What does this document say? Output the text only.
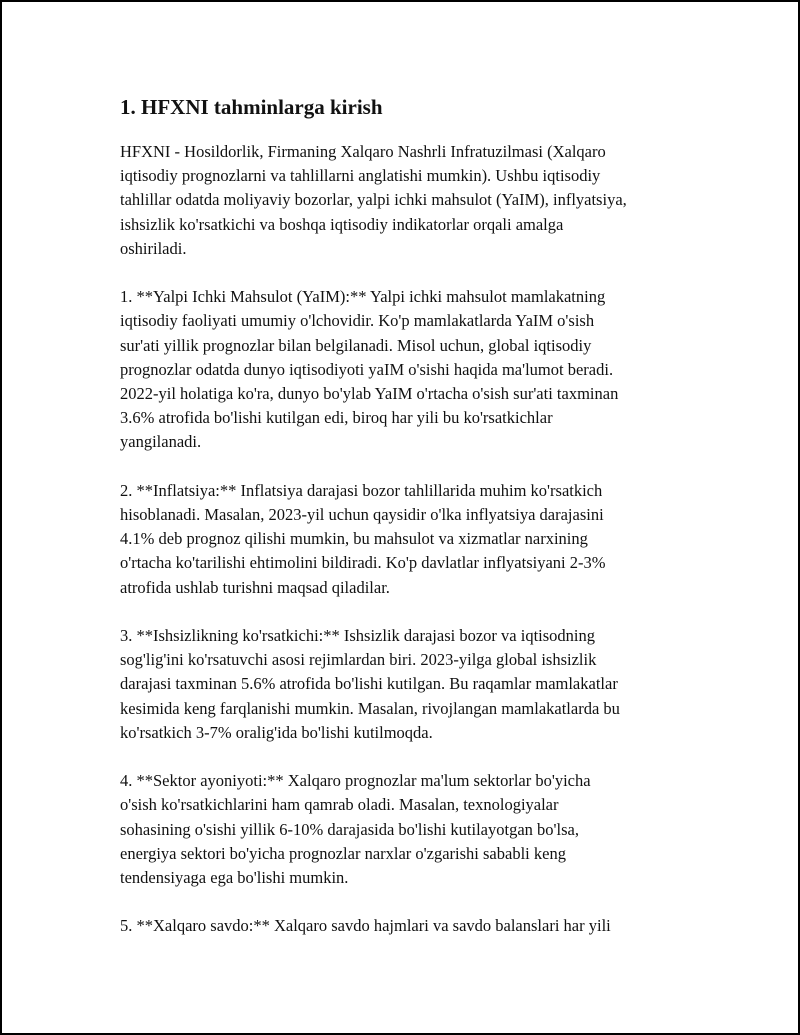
1. HFXNI tahminlarga kirish

HFXNI - Hosildorlik, Firmaning Xalqaro Nashrli Infratuzilmasi (Xalqaro
iqtisodiy prognozlarni va tahlillarni anglatishi mumkin). Ushbu iqtisodiy
tahlillar odatda moliyaviy bozorlar, yalpi ichki mahsulot (YaIM), inflyatsiya,
ishsizlik ko'rsatkichi va boshqa iqtisodiy indikatorlar orqali amalga
oshiriladi.

1. **Yalpi Ichki Mahsulot (YaIM):** Yalpi ichki mahsulot mamlakatning
iqtisodiy faoliyati umumiy o'lchovidir. Ko'p mamlakatlarda YaIM o'sish
sur'ati yillik prognozlar bilan belgilanadi. Misol uchun, global iqtisodiy
prognozlar odatda dunyo iqtisodiyoti yaIM o'sishi haqida ma'lumot beradi.
2022-yil holatiga ko'ra, dunyo bo'ylab YaIM o'rtacha o'sish sur'ati taxminan
3.6% atrofida bo'lishi kutilgan edi, biroq har yili bu ko'rsatkichlar
yangilanadi.

2. **Inflatsiya:** Inflatsiya darajasi bozor tahlillarida muhim ko'rsatkich
hisoblanadi. Masalan, 2023-yil uchun qaysidir o'lka inflyatsiya darajasini
4.1% deb prognoz qilishi mumkin, bu mahsulot va xizmatlar narxining
o'rtacha ko'tarilishi ehtimolini bildiradi. Ko'p davlatlar inflyatsiyani 2-3%
atrofida ushlab turishni maqsad qiladilar.

3. **Ishsizlikning ko'rsatkichi:** Ishsizlik darajasi bozor va iqtisodning
sog'lig'ini ko'rsatuvchi asosi rejimlardan biri. 2023-yilga global ishsizlik
darajasi taxminan 5.6% atrofida bo'lishi kutilgan. Bu raqamlar mamlakatlar
kesimida keng farqlanishi mumkin. Masalan, rivojlangan mamlakatlarda bu
ko'rsatkich 3-7% oralig'ida bo'lishi kutilmoqda.

4. **Sektor ayoniyoti:** Xalqaro prognozlar ma'lum sektorlar bo'yicha
o'sish ko'rsatkichlarini ham qamrab oladi. Masalan, texnologiyalar
sohasining o'sishi yillik 6-10% darajasida bo'lishi kutilayotgan bo'lsa,
energiya sektori bo'yicha prognozlar narxlar o'zgarishi sababli keng
tendensiyaga ega bo'lishi mumkin.

5. **Xalqaro savdo:** Xalqaro savdo hajmlari va savdo balanslari har yili
